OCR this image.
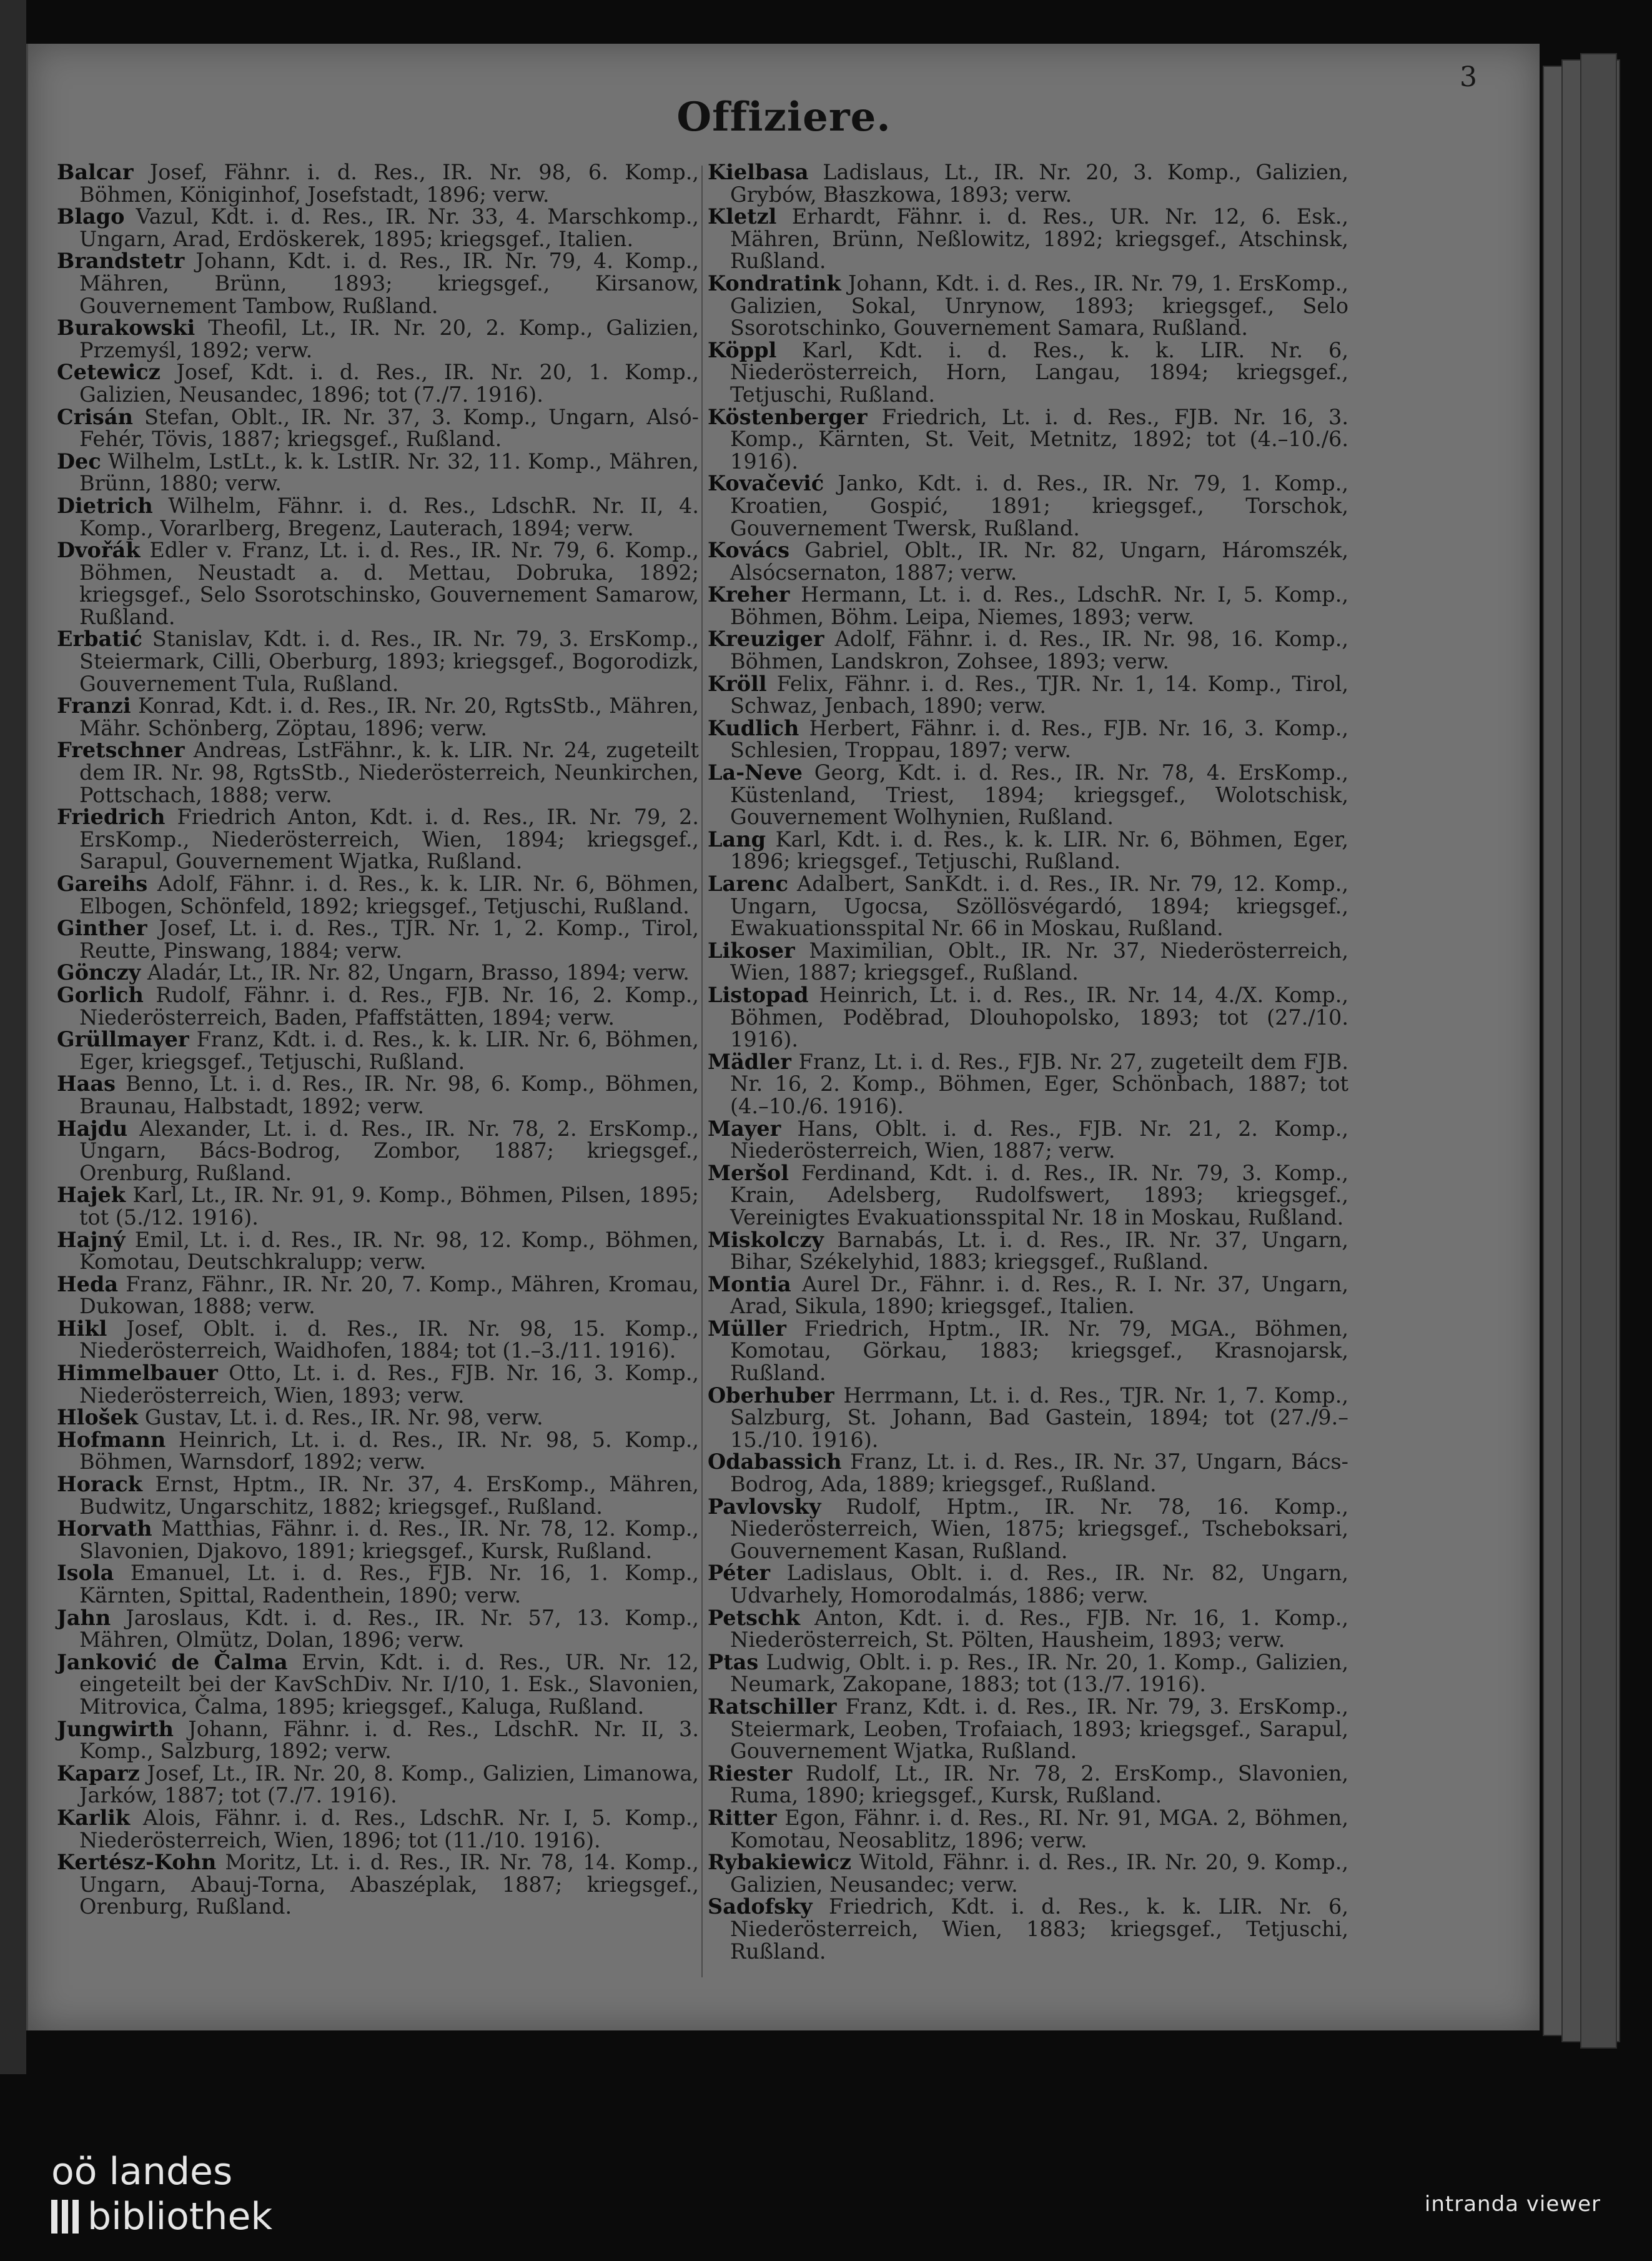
3
Offiziere.

Balcar Josef, Fähnr. i. d. Res., IR. Nr. 98, 6. Komp., Böhmen, Königinhof, Josefstadt, 1896; verw.

Blago Vazul, Kdt. i. d. Res., IR. Nr. 33, 4. Marschkomp., Ungarn, Arad, Erdöskerek, 1895; kriegsgef., Italien.

Brandstetr Johann, Kdt. i. d. Res., IR. Nr. 79, 4. Komp., Mähren, Brünn, 1893; kriegsgef., Kirsanow, Gouvernement Tambow, Rußland.

Burakowski Theofil, Lt., IR. Nr. 20, 2. Komp., Galizien, Przemyśl, 1892; verw.

Cetewicz Josef, Kdt. i. d. Res., IR. Nr. 20, 1. Komp., Galizien, Neusandec, 1896; tot (7./7. 1916).

Crisán Stefan, Oblt., IR. Nr. 37, 3. Komp., Ungarn, Alsó-Fehér, Tövis, 1887; kriegsgef., Rußland.

Dec Wilhelm, LstLt., k. k. LstIR. Nr. 32, 11. Komp., Mähren, Brünn, 1880; verw.

Dietrich Wilhelm, Fähnr. i. d. Res., LdschR. Nr. II, 4. Komp., Vorarlberg, Bregenz, Lauterach, 1894; verw.

Dvořák Edler v. Franz, Lt. i. d. Res., IR. Nr. 79, 6. Komp., Böhmen, Neustadt a. d. Mettau, Dobruka, 1892; kriegsgef., Selo Ssorotschinsko, Gouvernement Samarow, Rußland.

Erbatić Stanislav, Kdt. i. d. Res., IR. Nr. 79, 3. ErsKomp., Steiermark, Cilli, Oberburg, 1893; kriegsgef., Bogorodizk, Gouvernement Tula, Rußland.

Franzi Konrad, Kdt. i. d. Res., IR. Nr. 20, RgtsStb., Mähren, Mähr. Schönberg, Zöptau, 1896; verw.

Fretschner Andreas, LstFähnr., k. k. LIR. Nr. 24, zugeteilt dem IR. Nr. 98, RgtsStb., Niederösterreich, Neunkirchen, Pottschach, 1888; verw.

Friedrich Friedrich Anton, Kdt. i. d. Res., IR. Nr. 79, 2. ErsKomp., Niederösterreich, Wien, 1894; kriegsgef., Sarapul, Gouvernement Wjatka, Rußland.

Gareihs Adolf, Fähnr. i. d. Res., k. k. LIR. Nr. 6, Böhmen, Elbogen, Schönfeld, 1892; kriegsgef., Tetjuschi, Rußland.

Ginther Josef, Lt. i. d. Res., TJR. Nr. 1, 2. Komp., Tirol, Reutte, Pinswang, 1884; verw.

Gönczy Aladár, Lt., IR. Nr. 82, Ungarn, Brasso, 1894; verw.

Gorlich Rudolf, Fähnr. i. d. Res., FJB. Nr. 16, 2. Komp., Niederösterreich, Baden, Pfaffstätten, 1894; verw.

Grüllmayer Franz, Kdt. i. d. Res., k. k. LIR. Nr. 6, Böhmen, Eger, kriegsgef., Tetjuschi, Rußland.

Haas Benno, Lt. i. d. Res., IR. Nr. 98, 6. Komp., Böhmen, Braunau, Halbstadt, 1892; verw.

Hajdu Alexander, Lt. i. d. Res., IR. Nr. 78, 2. ErsKomp., Ungarn, Bács-Bodrog, Zombor, 1887; kriegsgef., Orenburg, Rußland.

Hajek Karl, Lt., IR. Nr. 91, 9. Komp., Böhmen, Pilsen, 1895; tot (5./12. 1916).

Hajný Emil, Lt. i. d. Res., IR. Nr. 98, 12. Komp., Böhmen, Komotau, Deutschkralupp; verw.

Heda Franz, Fähnr., IR. Nr. 20, 7. Komp., Mähren, Kromau, Dukowan, 1888; verw.

Hikl Josef, Oblt. i. d. Res., IR. Nr. 98, 15. Komp., Niederösterreich, Waidhofen, 1884; tot (1.–3./11. 1916).

Himmelbauer Otto, Lt. i. d. Res., FJB. Nr. 16, 3. Komp., Niederösterreich, Wien, 1893; verw.

Hlošek Gustav, Lt. i. d. Res., IR. Nr. 98, verw.

Hofmann Heinrich, Lt. i. d. Res., IR. Nr. 98, 5. Komp., Böhmen, Warnsdorf, 1892; verw.

Horack Ernst, Hptm., IR. Nr. 37, 4. ErsKomp., Mähren, Budwitz, Ungarschitz, 1882; kriegsgef., Rußland.

Horvath Matthias, Fähnr. i. d. Res., IR. Nr. 78, 12. Komp., Slavonien, Djakovo, 1891; kriegsgef., Kursk, Rußland.

Isola Emanuel, Lt. i. d. Res., FJB. Nr. 16, 1. Komp., Kärnten, Spittal, Radenthein, 1890; verw.

Jahn Jaroslaus, Kdt. i. d. Res., IR. Nr. 57, 13. Komp., Mähren, Olmütz, Dolan, 1896; verw.

Janković de Čalma Ervin, Kdt. i. d. Res., UR. Nr. 12, eingeteilt bei der KavSchDiv. Nr. I/10, 1. Esk., Slavonien, Mitrovica, Čalma, 1895; kriegsgef., Kaluga, Rußland.

Jungwirth Johann, Fähnr. i. d. Res., LdschR. Nr. II, 3. Komp., Salzburg, 1892; verw.

Kaparz Josef, Lt., IR. Nr. 20, 8. Komp., Galizien, Limanowa, Jarków, 1887; tot (7./7. 1916).

Karlik Alois, Fähnr. i. d. Res., LdschR. Nr. I, 5. Komp., Niederösterreich, Wien, 1896; tot (11./10. 1916).

Kertész-Kohn Moritz, Lt. i. d. Res., IR. Nr. 78, 14. Komp., Ungarn, Abauj-Torna, Abaszéplak, 1887; kriegsgef., Orenburg, Rußland.

Kielbasa Ladislaus, Lt., IR. Nr. 20, 3. Komp., Galizien, Grybów, Błaszkowa, 1893; verw.

Kletzl Erhardt, Fähnr. i. d. Res., UR. Nr. 12, 6. Esk., Mähren, Brünn, Neßlowitz, 1892; kriegsgef., Atschinsk, Rußland.

Kondratink Johann, Kdt. i. d. Res., IR. Nr. 79, 1. ErsKomp., Galizien, Sokal, Unrynow, 1893; kriegsgef., Selo Ssorotschinko, Gouvernement Samara, Rußland.

Köppl Karl, Kdt. i. d. Res., k. k. LIR. Nr. 6, Niederösterreich, Horn, Langau, 1894; kriegsgef., Tetjuschi, Rußland.

Köstenberger Friedrich, Lt. i. d. Res., FJB. Nr. 16, 3. Komp., Kärnten, St. Veit, Metnitz, 1892; tot (4.–10./6. 1916).

Kovačević Janko, Kdt. i. d. Res., IR. Nr. 79, 1. Komp., Kroatien, Gospić, 1891; kriegsgef., Torschok, Gouvernement Twersk, Rußland.

Kovács Gabriel, Oblt., IR. Nr. 82, Ungarn, Háromszék, Alsócsernaton, 1887; verw.

Kreher Hermann, Lt. i. d. Res., LdschR. Nr. I, 5. Komp., Böhmen, Böhm. Leipa, Niemes, 1893; verw.

Kreuziger Adolf, Fähnr. i. d. Res., IR. Nr. 98, 16. Komp., Böhmen, Landskron, Zohsee, 1893; verw.

Kröll Felix, Fähnr. i. d. Res., TJR. Nr. 1, 14. Komp., Tirol, Schwaz, Jenbach, 1890; verw.

Kudlich Herbert, Fähnr. i. d. Res., FJB. Nr. 16, 3. Komp., Schlesien, Troppau, 1897; verw.

La-Neve Georg, Kdt. i. d. Res., IR. Nr. 78, 4. ErsKomp., Küstenland, Triest, 1894; kriegsgef., Wolotschisk, Gouvernement Wolhynien, Rußland.

Lang Karl, Kdt. i. d. Res., k. k. LIR. Nr. 6, Böhmen, Eger, 1896; kriegsgef., Tetjuschi, Rußland.

Larenc Adalbert, SanKdt. i. d. Res., IR. Nr. 79, 12. Komp., Ungarn, Ugocsa, Szöllösvégardó, 1894; kriegsgef., Ewakuationsspital Nr. 66 in Moskau, Rußland.

Likoser Maximilian, Oblt., IR. Nr. 37, Niederösterreich, Wien, 1887; kriegsgef., Rußland.

Listopad Heinrich, Lt. i. d. Res., IR. Nr. 14, 4./X. Komp., Böhmen, Poděbrad, Dlouhopolsko, 1893; tot (27./10. 1916).

Mädler Franz, Lt. i. d. Res., FJB. Nr. 27, zugeteilt dem FJB. Nr. 16, 2. Komp., Böhmen, Eger, Schönbach, 1887; tot (4.–10./6. 1916).

Mayer Hans, Oblt. i. d. Res., FJB. Nr. 21, 2. Komp., Niederösterreich, Wien, 1887; verw.

Meršol Ferdinand, Kdt. i. d. Res., IR. Nr. 79, 3. Komp., Krain, Adelsberg, Rudolfswert, 1893; kriegsgef., Vereinigtes Evakuationsspital Nr. 18 in Moskau, Rußland.

Miskolczy Barnabás, Lt. i. d. Res., IR. Nr. 37, Ungarn, Bihar, Székelyhid, 1883; kriegsgef., Rußland.

Montia Aurel Dr., Fähnr. i. d. Res., R. I. Nr. 37, Ungarn, Arad, Sikula, 1890; kriegsgef., Italien.

Müller Friedrich, Hptm., IR. Nr. 79, MGA., Böhmen, Komotau, Görkau, 1883; kriegsgef., Krasnojarsk, Rußland.

Oberhuber Herrmann, Lt. i. d. Res., TJR. Nr. 1, 7. Komp., Salzburg, St. Johann, Bad Gastein, 1894; tot (27./9.–15./10. 1916).

Odabassich Franz, Lt. i. d. Res., IR. Nr. 37, Ungarn, Bács-Bodrog, Ada, 1889; kriegsgef., Rußland.

Pavlovsky Rudolf, Hptm., IR. Nr. 78, 16. Komp., Niederösterreich, Wien, 1875; kriegsgef., Tscheboksari, Gouvernement Kasan, Rußland.

Péter Ladislaus, Oblt. i. d. Res., IR. Nr. 82, Ungarn, Udvarhely, Homorodalmás, 1886; verw.

Petschk Anton, Kdt. i. d. Res., FJB. Nr. 16, 1. Komp., Niederösterreich, St. Pölten, Hausheim, 1893; verw.

Ptas Ludwig, Oblt. i. p. Res., IR. Nr. 20, 1. Komp., Galizien, Neumark, Zakopane, 1883; tot (13./7. 1916).

Ratschiller Franz, Kdt. i. d. Res., IR. Nr. 79, 3. ErsKomp., Steiermark, Leoben, Trofaiach, 1893; kriegsgef., Sarapul, Gouvernement Wjatka, Rußland.

Riester Rudolf, Lt., IR. Nr. 78, 2. ErsKomp., Slavonien, Ruma, 1890; kriegsgef., Kursk, Rußland.

Ritter Egon, Fähnr. i. d. Res., RI. Nr. 91, MGA. 2, Böhmen, Komotau, Neosablitz, 1896; verw.

Rybakiewicz Witold, Fähnr. i. d. Res., IR. Nr. 20, 9. Komp., Galizien, Neusandec; verw.

Sadofsky Friedrich, Kdt. i. d. Res., k. k. LIR. Nr. 6, Niederösterreich, Wien, 1883; kriegsgef., Tetjuschi, Rußland.

oö landes
bibliothek	intranda viewer
